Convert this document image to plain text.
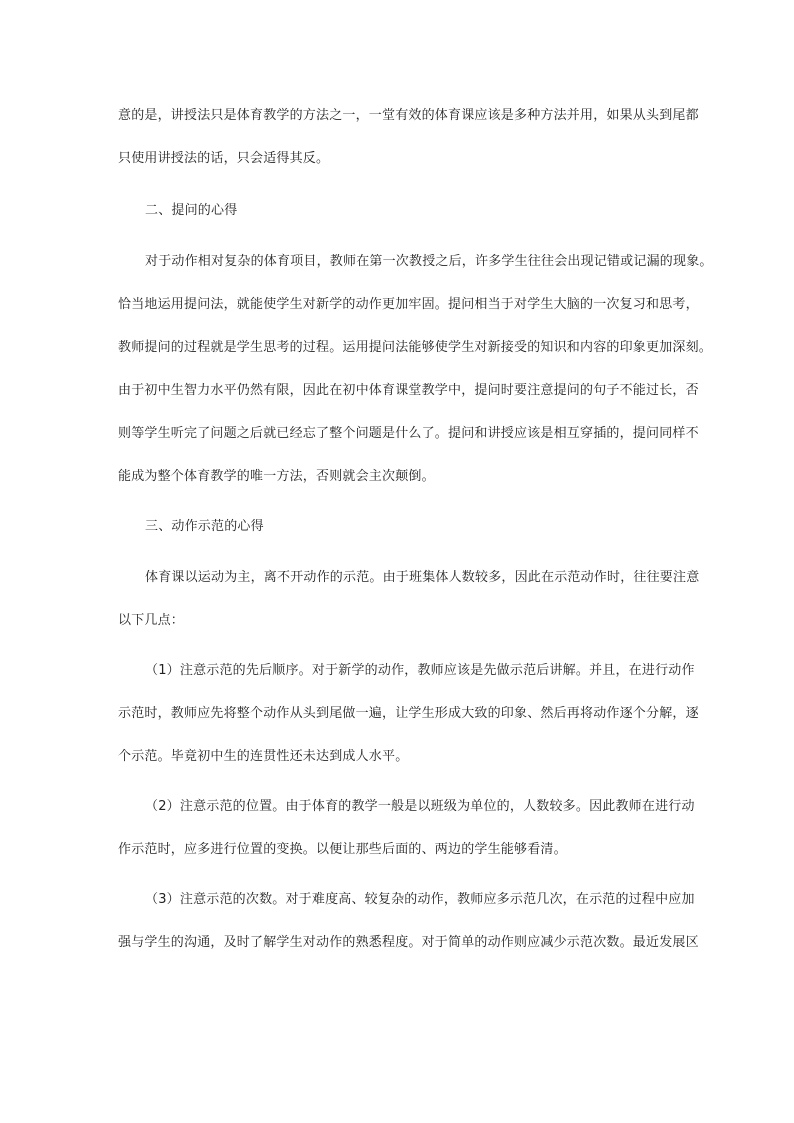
意的是，讲授法只是体育教学的方法之一，一堂有效的体育课应该是多种方法并用，如果从头到尾都
只使用讲授法的话，只会适得其反。
二、提问的心得
对于动作相对复杂的体育项目，教师在第一次教授之后，许多学生往往会出现记错或记漏的现象。
恰当地运用提问法，就能使学生对新学的动作更加牢固。提问相当于对学生大脑的一次复习和思考，
教师提问的过程就是学生思考的过程。运用提问法能够使学生对新接受的知识和内容的印象更加深刻。
由于初中生智力水平仍然有限，因此在初中体育课堂教学中，提问时要注意提问的句子不能过长，否
则等学生听完了问题之后就已经忘了整个问题是什么了。提问和讲授应该是相互穿插的，提问同样不
能成为整个体育教学的唯一方法，否则就会主次颠倒。
三、动作示范的心得
体育课以运动为主，离不开动作的示范。由于班集体人数较多，因此在示范动作时，往往要注意
以下几点：
（1）注意示范的先后顺序。对于新学的动作，教师应该是先做示范后讲解。并且，在进行动作
示范时，教师应先将整个动作从头到尾做一遍，让学生形成大致的印象、然后再将动作逐个分解，逐
个示范。毕竟初中生的连贯性还未达到成人水平。
（2）注意示范的位置。由于体育的教学一般是以班级为单位的，人数较多。因此教师在进行动
作示范时，应多进行位置的变换。以便让那些后面的、两边的学生能够看清。
（3）注意示范的次数。对于难度高、较复杂的动作，教师应多示范几次，在示范的过程中应加
强与学生的沟通，及时了解学生对动作的熟悉程度。对于简单的动作则应减少示范次数。最近发展区
